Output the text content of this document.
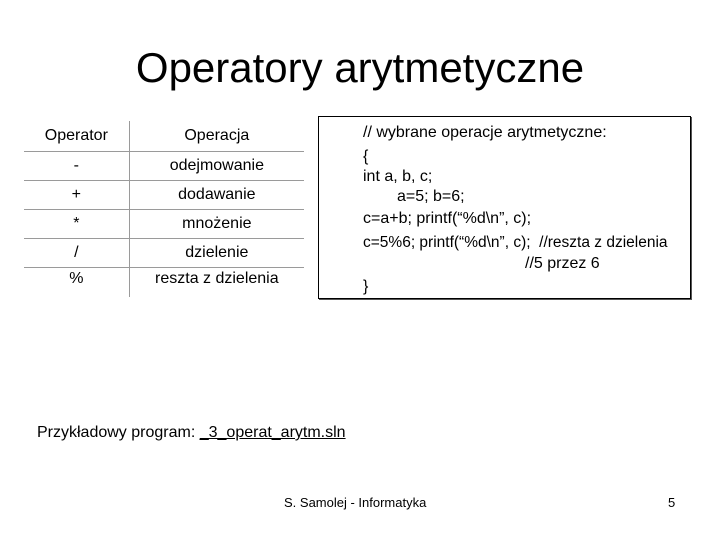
Operatory arytmetyczne
Operator	Operacja
-	odejmowanie
+	dodawanie
*	mnożenie
/	dzielenie
%	reszta z dzielenia
// wybrane operacje arytmetyczne:
{
int a, b, c;
a=5; b=6;
c=a+b; printf(“%d\n”, c);
c=5%6; printf(“%d\n”, c);  //reszta z dzielenia
//5 przez 6
}
Przykładowy program: _3_operat_arytm.sln
S. Samolej - Informatyka	5
